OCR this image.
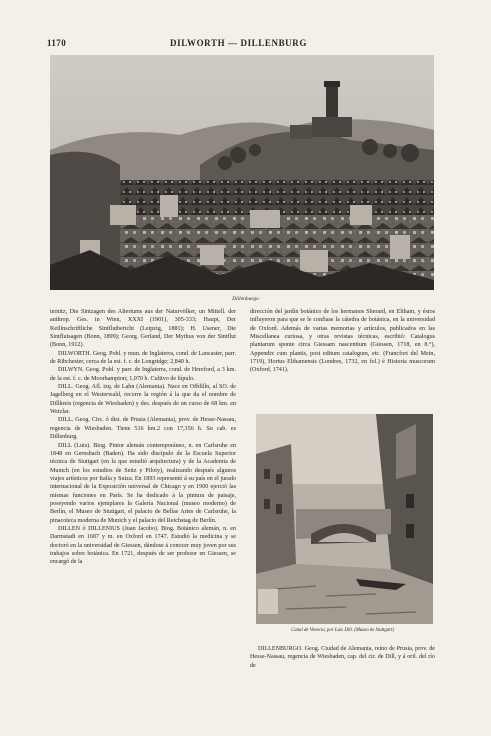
1170	DILWORTH — DILLENBURG
Dillenburgo

ternitz, Die Sintzagen des Altertums aus der Naturvölker, un Mittell. der anthrop. Ges. in Wien, XXXI (1901), 305-333; Haupt, Der Keilinschriftliche Sintflutbericht (Leipzig, 1881); H. Usener, Die Sintflutsagen (Bonn, 1899); Georg. Gerland, Der Mythus von der Sintflut (Bonn, 1912).

DILWORTH. Geog. Pobl. y mun. de Inglaterra, cond. de Lancaster, parr. de Ribchester, cerca de la est. f. c. de Longridge; 2,840 h.

DILWYN. Geog. Pobl. y parr. de Inglaterra, cond. de Hereford, a 3 km. de la est. f. c. de Moorhampton; 1,070 h. Cultivo de lúpulo.

DILL. Geog. Afl. izq. de Lahn (Alemania). Nace en Offdilln, al SO. de Jagelberg en el Westerwald, recorre la región á la que da el nombre de Dillkreis (regencia de Wiesbaden) y des. después de un curso de 68 km. en Wetzlar.

DILL. Geog. Circ. ó dist. de Prusia (Alemania), prov. de Hesse-Nassau, regencia de Wiesbaden. Tiene 516 km.2 con 17,356 h. Su cab. es Dillenburg.

DILL (Luis). Biog. Pintor alemán contemporáneo, n. en Carlsruhe en 1848 en Gernsbach (Baden). Ha sido discípulo de la Escuela Superior técnica de Stuttgart (en la que estudió arquitectura) y de la Academia de Munich (en los estudios de Seitz y Piloty), realizando después algunos viajes artísticos por Italia y Suiza. En 1893 representó á su país en el jurado internacional de la Exposición universal de Chicago y en 1900 ejerció las mismas funciones en París. Se ha dedicado á la pintura de paisaje, poseyendo varios ejemplares la Galería Nacional (museo moderno) de Berlín, el Museo de Stuttgart, el palacio de Bellas Artes de Carlsruhe, la pinacoteca moderna de Munich y el palacio del Reichstag de Berlín.

DILLEN ó DILLENIUS (Juan Jacobo). Biog. Botánico alemán, n. en Darmstadt en 1687 y m. en Oxford en 1747. Estudió la medicina y se doctoró en la universidad de Giessen, dándose á conocer muy joven por sus trabajos sobre botánica. En 1721, después de ser profesor en Giessen, se encargó de la

dirección del jardín botánico de los hermanos Sherard, en Eltham, y éstos influyeron para que se le confiase la cátedra de botánica, en la universidad de Oxford. Además de varias memorias y artículos, publicados en las Miscellanea curiosa, y otras revistas técnicas, escribió: Catalogus plantarum sponte circa Giessam nascentium (Giessen, 1718, en 8.°), Appendix cum plantis, post editum catalogum, etc. (Francfort del Mein, 1719), Hortus Elthamensis (Londres, 1732, en fol.) é Historia muscorum (Oxford, 1741).

Canal de Venecia, por Luis Dill. (Museo de Stuttgart)

DILLENBURGO. Geog. Ciudad de Alemania, reino de Prusia, prov. de Hesse-Nassau, regencia de Wiesbaden, cap. del cir. de Dill, y á oril. del río de
